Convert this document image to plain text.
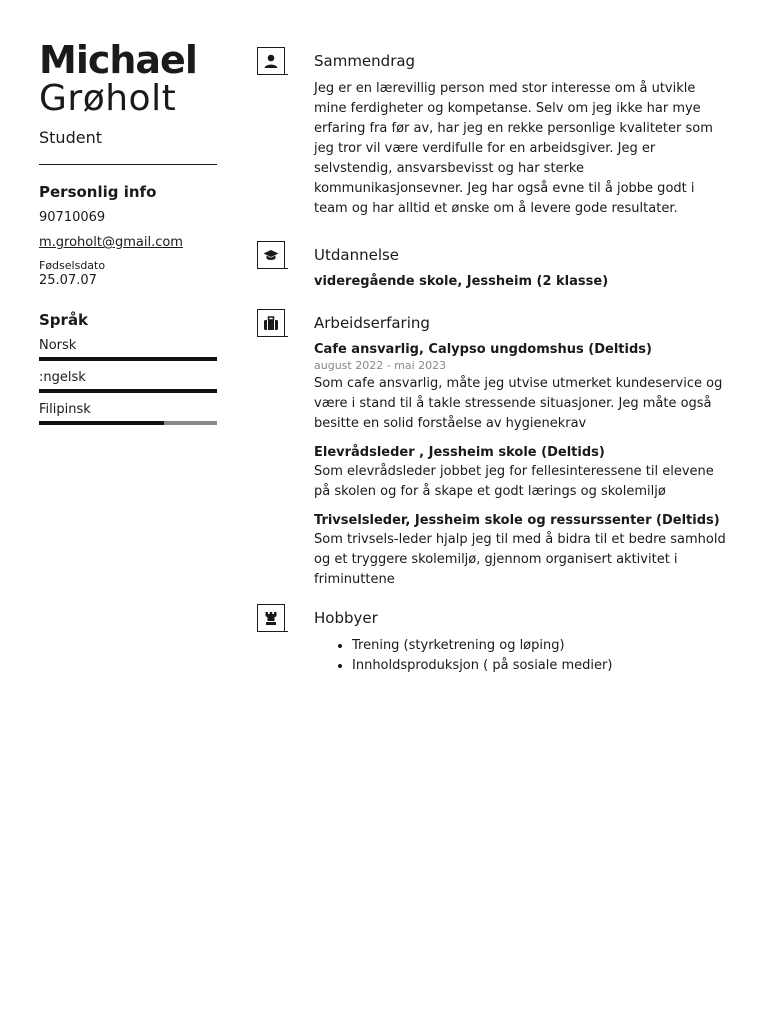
Michael
Grøholt
Student
Personlig info
90710069
m.groholt@gmail.com
Fødselsdato
25.07.07
Språk
Norsk
:ngelsk
Filipinsk
Sammendrag

Jeg er en lærevillig person med stor interesse om å utvikle mine ferdigheter og kompetanse. Selv om jeg ikke har mye erfaring fra før av, har jeg en rekke personlige kvaliteter som jeg tror vil være verdifulle for en arbeidsgiver. Jeg er selvstendig, ansvarsbevisst og har sterke kommunikasjonsevner. Jeg har også evne til å jobbe godt i team og har alltid et ønske om å levere gode resultater.

Utdannelse
videregående skole, Jessheim (2 klasse)
Arbeidserfaring
Cafe ansvarlig, Calypso ungdomshus (Deltids)
august 2022 - mai 2023

Som cafe ansvarlig, måte jeg utvise utmerket kundeservice og være i stand til å takle stressende situasjoner. Jeg måte også besitte en solid forståelse av hygienekrav

Elevrådsleder , Jessheim skole (Deltids)

Som elevrådsleder jobbet jeg for fellesinteressene til elevene på skolen og for å skape et godt lærings og skolemiljø

Trivselsleder, Jessheim skole og ressurssenter (Deltids)

Som trivsels-leder hjalp jeg til med å bidra til et bedre samhold og et tryggere skolemiljø, gjennom organisert aktivitet i friminuttene

Hobbyer
• Trening (styrketrening og løping)
• Innholdsproduksjon ( på sosiale medier)
